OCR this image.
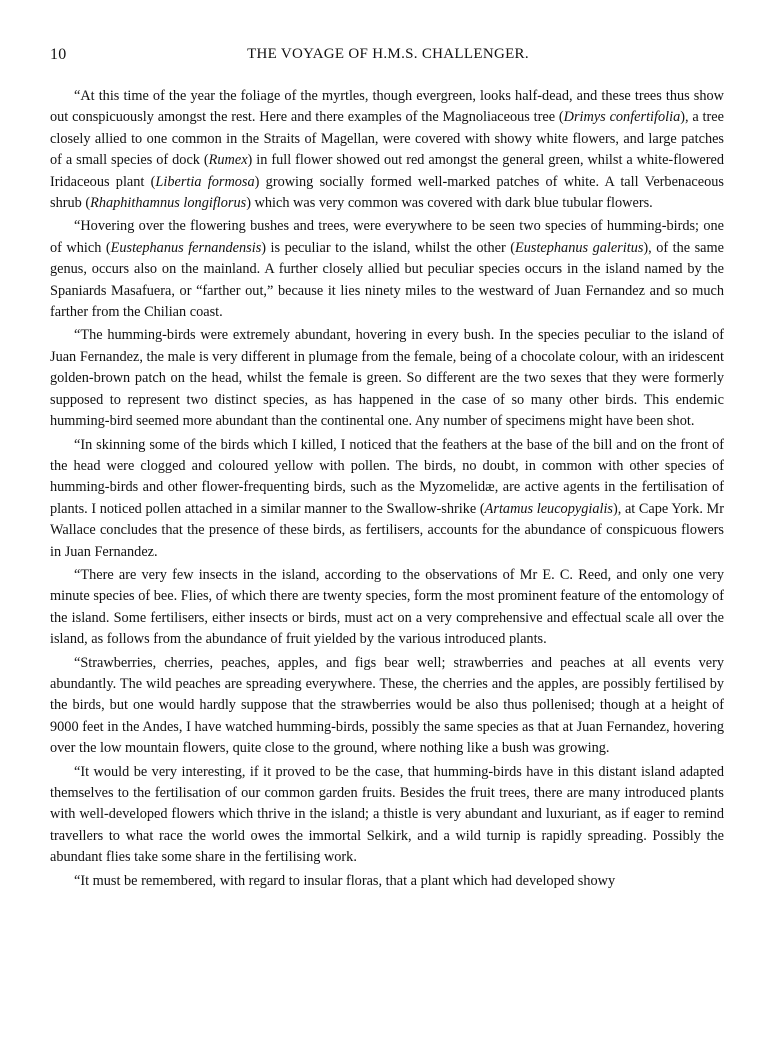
10	THE VOYAGE OF H.M.S. CHALLENGER.

“At this time of the year the foliage of the myrtles, though evergreen, looks half-dead, and these trees thus show out conspicuously amongst the rest. Here and there examples of the Magnoliaceous tree (Drimys confertifolia), a tree closely allied to one common in the Straits of Magellan, were covered with showy white flowers, and large patches of a small species of dock (Rumex) in full flower showed out red amongst the general green, whilst a white-flowered Iridaceous plant (Libertia formosa) growing socially formed well-marked patches of white. A tall Verbenaceous shrub (Rhaphithamnus longiflorus) which was very common was covered with dark blue tubular flowers.

“Hovering over the flowering bushes and trees, were everywhere to be seen two species of humming-birds; one of which (Eustephanus fernandensis) is peculiar to the island, whilst the other (Eustephanus galeritus), of the same genus, occurs also on the mainland. A further closely allied but peculiar species occurs in the island named by the Spaniards Masafuera, or “farther out,” because it lies ninety miles to the westward of Juan Fernandez and so much farther from the Chilian coast.

“The humming-birds were extremely abundant, hovering in every bush. In the species peculiar to the island of Juan Fernandez, the male is very different in plumage from the female, being of a chocolate colour, with an iridescent golden-brown patch on the head, whilst the female is green. So different are the two sexes that they were formerly supposed to represent two distinct species, as has happened in the case of so many other birds. This endemic humming-bird seemed more abundant than the continental one. Any number of specimens might have been shot.

“In skinning some of the birds which I killed, I noticed that the feathers at the base of the bill and on the front of the head were clogged and coloured yellow with pollen. The birds, no doubt, in common with other species of humming-birds and other flower-frequenting birds, such as the Myzomelidæ, are active agents in the fertilisation of plants. I noticed pollen attached in a similar manner to the Swallow-shrike (Artamus leucopygialis), at Cape York. Mr Wallace concludes that the presence of these birds, as fertilisers, accounts for the abundance of conspicuous flowers in Juan Fernandez.

“There are very few insects in the island, according to the observations of Mr E. C. Reed, and only one very minute species of bee. Flies, of which there are twenty species, form the most prominent feature of the entomology of the island. Some fertilisers, either insects or birds, must act on a very comprehensive and effectual scale all over the island, as follows from the abundance of fruit yielded by the various introduced plants.

“Strawberries, cherries, peaches, apples, and figs bear well; strawberries and peaches at all events very abundantly. The wild peaches are spreading everywhere. These, the cherries and the apples, are possibly fertilised by the birds, but one would hardly suppose that the strawberries would be also thus pollenised; though at a height of 9000 feet in the Andes, I have watched humming-birds, possibly the same species as that at Juan Fernandez, hovering over the low mountain flowers, quite close to the ground, where nothing like a bush was growing.

“It would be very interesting, if it proved to be the case, that humming-birds have in this distant island adapted themselves to the fertilisation of our common garden fruits. Besides the fruit trees, there are many introduced plants with well-developed flowers which thrive in the island; a thistle is very abundant and luxuriant, as if eager to remind travellers to what race the world owes the immortal Selkirk, and a wild turnip is rapidly spreading. Possibly the abundant flies take some share in the fertilising work.

“It must be remembered, with regard to insular floras, that a plant which had developed showy
